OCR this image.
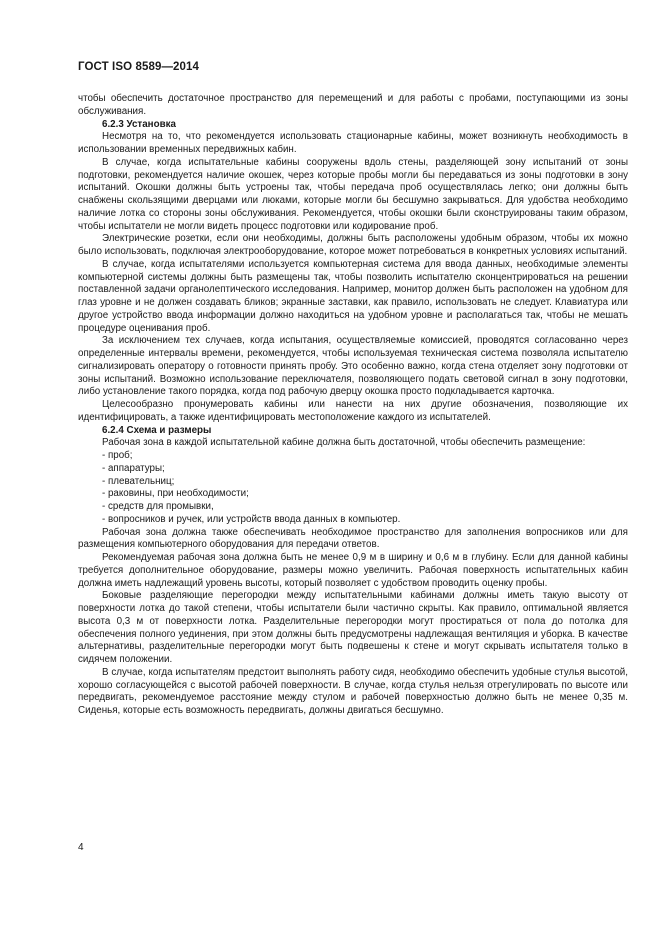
ГОСТ ISO 8589—2014

чтобы обеспечить достаточное пространство для перемещений и для работы с пробами, поступающими из зоны обслуживания.

6.2.3 Установка

Несмотря на то, что рекомендуется использовать стационарные кабины, может возникнуть необходимость в использовании временных передвижных кабин.

В случае, когда испытательные кабины сооружены вдоль стены, разделяющей зону испытаний от зоны подготовки, рекомендуется наличие окошек, через которые пробы могли бы передаваться из зоны подготовки в зону испытаний. Окошки должны быть устроены так, чтобы передача проб осуществлялась легко; они должны быть снабжены скользящими дверцами или люками, которые могли бы бесшумно закрываться. Для удобства необходимо наличие лотка со стороны зоны обслуживания. Рекомендуется, чтобы окошки были сконструированы таким образом, чтобы испытатели не могли видеть процесс подготовки или кодирование проб.

Электрические розетки, если они необходимы, должны быть расположены удобным образом, чтобы их можно было использовать, подключая электрооборудование, которое может потребоваться в конкретных условиях испытаний.

В случае, когда испытателями используется компьютерная система для ввода данных, необходимые элементы компьютерной системы должны быть размещены так, чтобы позволить испытателю сконцентрироваться на решении поставленной задачи органолептического исследования. Например, монитор должен быть расположен на удобном для глаз уровне и не должен создавать бликов; экранные заставки, как правило, использовать не следует. Клавиатура или другое устройство ввода информации должно находиться на удобном уровне и располагаться так, чтобы не мешать процедуре оценивания проб.

За исключением тех случаев, когда испытания, осуществляемые комиссией, проводятся согласованно через определенные интервалы времени, рекомендуется, чтобы используемая техническая система позволяла испытателю сигнализировать оператору о готовности принять пробу. Это особенно важно, когда стена отделяет зону подготовки от зоны испытаний. Возможно использование переключателя, позволяющего подать световой сигнал в зону подготовки, либо установление такого порядка, когда под рабочую дверцу окошка просто подкладывается карточка.

Целесообразно пронумеровать кабины или нанести на них другие обозначения, позволяющие их идентифицировать, а также идентифицировать местоположение каждого из испытателей.

6.2.4 Схема и размеры

Рабочая зона в каждой испытательной кабине должна быть достаточной, чтобы обеспечить размещение:

- проб;
- аппаратуры;
- плевательниц;
- раковины, при необходимости;
- средств для промывки,
- вопросников и ручек, или устройств ввода данных в компьютер.

Рабочая зона должна также обеспечивать необходимое пространство для заполнения вопросников или для размещения компьютерного оборудования для передачи ответов.

Рекомендуемая рабочая зона должна быть не менее 0,9 м в ширину и 0,6 м в глубину. Если для данной кабины требуется дополнительное оборудование, размеры можно увеличить. Рабочая поверхность испытательных кабин должна иметь надлежащий уровень высоты, который позволяет с удобством проводить оценку пробы.

Боковые разделяющие перегородки между испытательными кабинами должны иметь такую высоту от поверхности лотка до такой степени, чтобы испытатели были частично скрыты. Как правило, оптимальной является высота 0,3 м от поверхности лотка. Разделительные перегородки могут простираться от пола до потолка для обеспечения полного уединения, при этом должны быть предусмотрены надлежащая вентиляция и уборка. В качестве альтернативы, разделительные перегородки могут быть подвешены к стене и могут скрывать испытателя только в сидячем положении.

В случае, когда испытателям предстоит выполнять работу сидя, необходимо обеспечить удобные стулья высотой, хорошо согласующейся с высотой рабочей поверхности. В случае, когда стулья нельзя отрегулировать по высоте или передвигать, рекомендуемое расстояние между стулом и рабочей поверхностью должно быть не менее 0,35 м. Сиденья, которые есть возможность передвигать, должны двигаться бесшумно.

4
